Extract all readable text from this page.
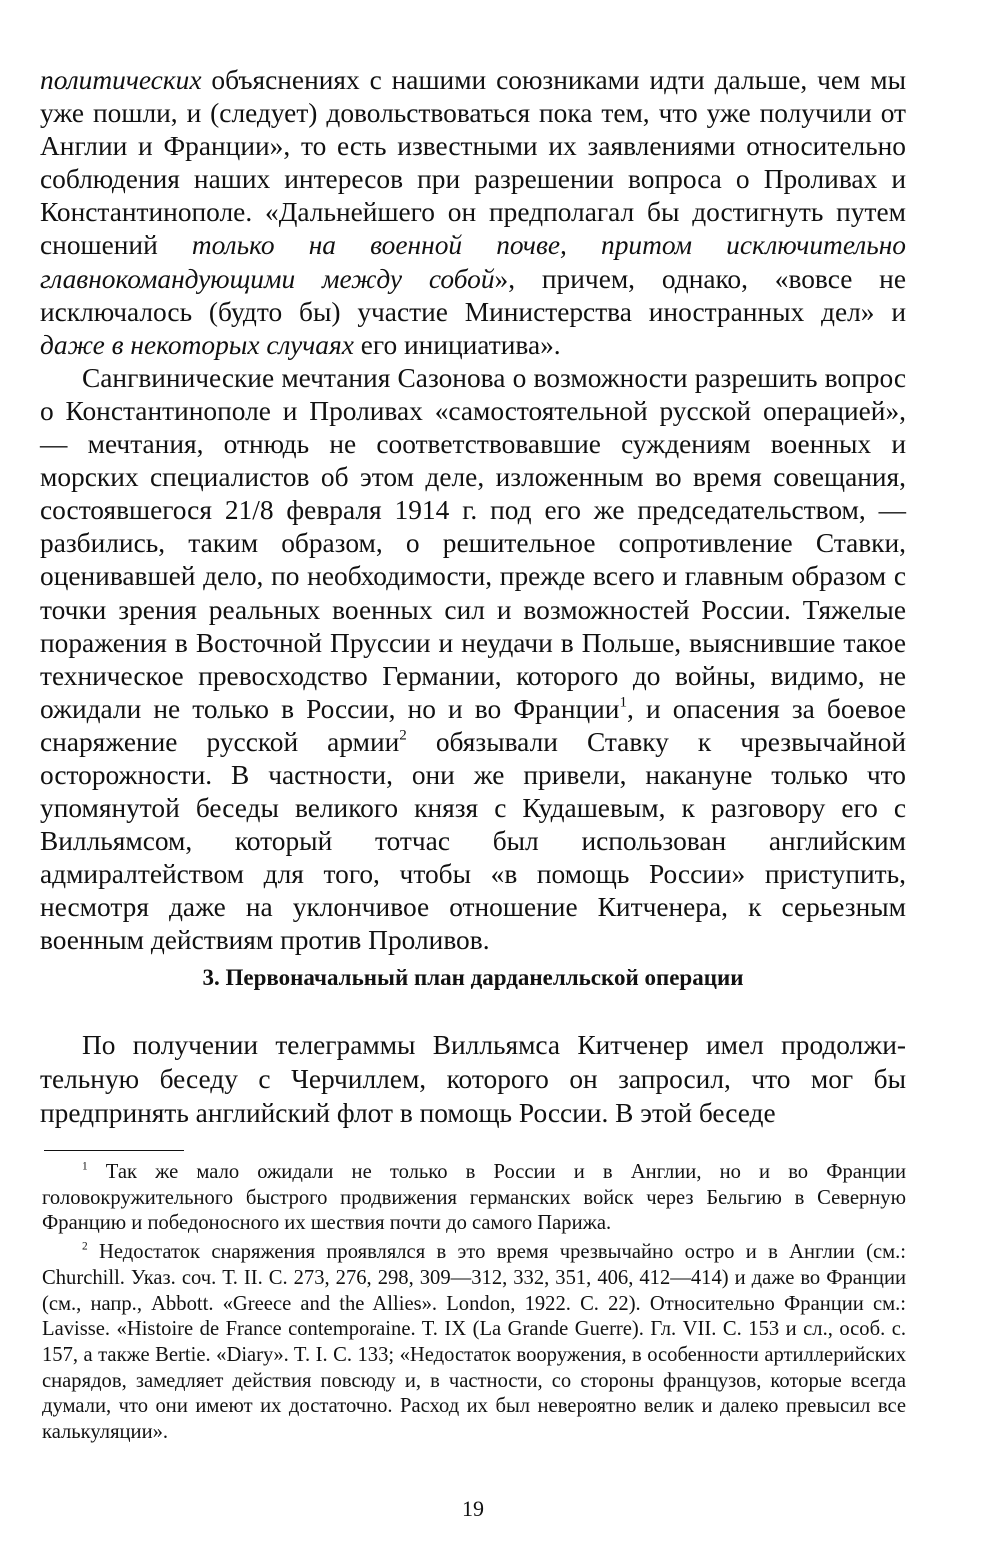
политических объяснениях с нашими союзниками идти дальше, чем мы уже пошли, и (следует) довольствоваться пока тем, что уже получили от Англии и Франции», то есть известными их заявлениями относительно соблюдения наших интересов при разрешении вопроса о Проливах и Константинополе. «Дальнейшего он предполагал бы достигнуть путем сношений только на военной почве, притом исключительно главнокомандующими между собой», причем, однако, «вовсе не исключалось (будто бы) участие Министерства иностранных дел» и даже в некоторых случаях его инициатива».

Сангвинические мечтания Сазонова о возможности разрешить вопрос о Константинополе и Проливах «самостоятельной русской операцией», — мечтания, отнюдь не соответствовавшие суждениям военных и морских специалистов об этом деле, изложенным во время совещания, состоявшегося 21/8 февраля 1914 г. под его же председательством, — разбились, таким образом, о решительное сопротивление Ставки, оценивавшей дело, по необходимости, прежде всего и главным образом с точки зрения реальных военных сил и возможностей России. Тяжелые поражения в Восточной Пруссии и неудачи в Польше, выяснившие такое техническое превосходство Германии, которого до войны, видимо, не ожидали не только в России, но и во Франции$^1$, и опасения за боевое снаряжение русской армии$^2$ обязывали Ставку к чрезвычайной осторожности. В частности, они же привели, накануне только что упомянутой беседы великого князя с Кудашевым, к разговору его с Вилльямсом, который тотчас был использован английским адмиралтейством для того, чтобы «в помощь России» приступить, несмотря даже на уклончивое отношение Китченера, к серьезным военным действиям против Проливов.

3. Первоначальный план дарданелльской операции

По получении телеграммы Вилльямса Китченер имел продолжительную беседу с Черчиллем, которого он запросил, что мог бы предпринять английский флот в помощь России. В этой беседе

$^1$ Так же мало ожидали не только в России и в Англии, но и во Франции головокружительного быстрого продвижения германских войск через Бельгию в Северную Францию и победоносного их шествия почти до самого Парижа.

$^2$ Недостаток снаряжения проявлялся в это время чрезвычайно остро и в Англии (см.: Churchill. Указ. соч. Т. II. С. 273, 276, 298, 309—312, 332, 351, 406, 412—414) и даже во Франции (см., напр., Abbott. «Greece and the Allies». London, 1922. С. 22). Относительно Франции см.: Lavisse. «Histoire de France contemporaine. T. IX (La Grande Guerre). Гл. VII. С. 153 и сл., особ. с. 157, а также Bertie. «Diary». T. I. С. 133; «Недостаток вооружения, в особенности артиллерийских снарядов, замедляет действия повсюду и, в частности, со стороны французов, которые всегда думали, что они имеют их достаточно. Расход их был невероятно велик и далеко превысил все калькуляции».

19
